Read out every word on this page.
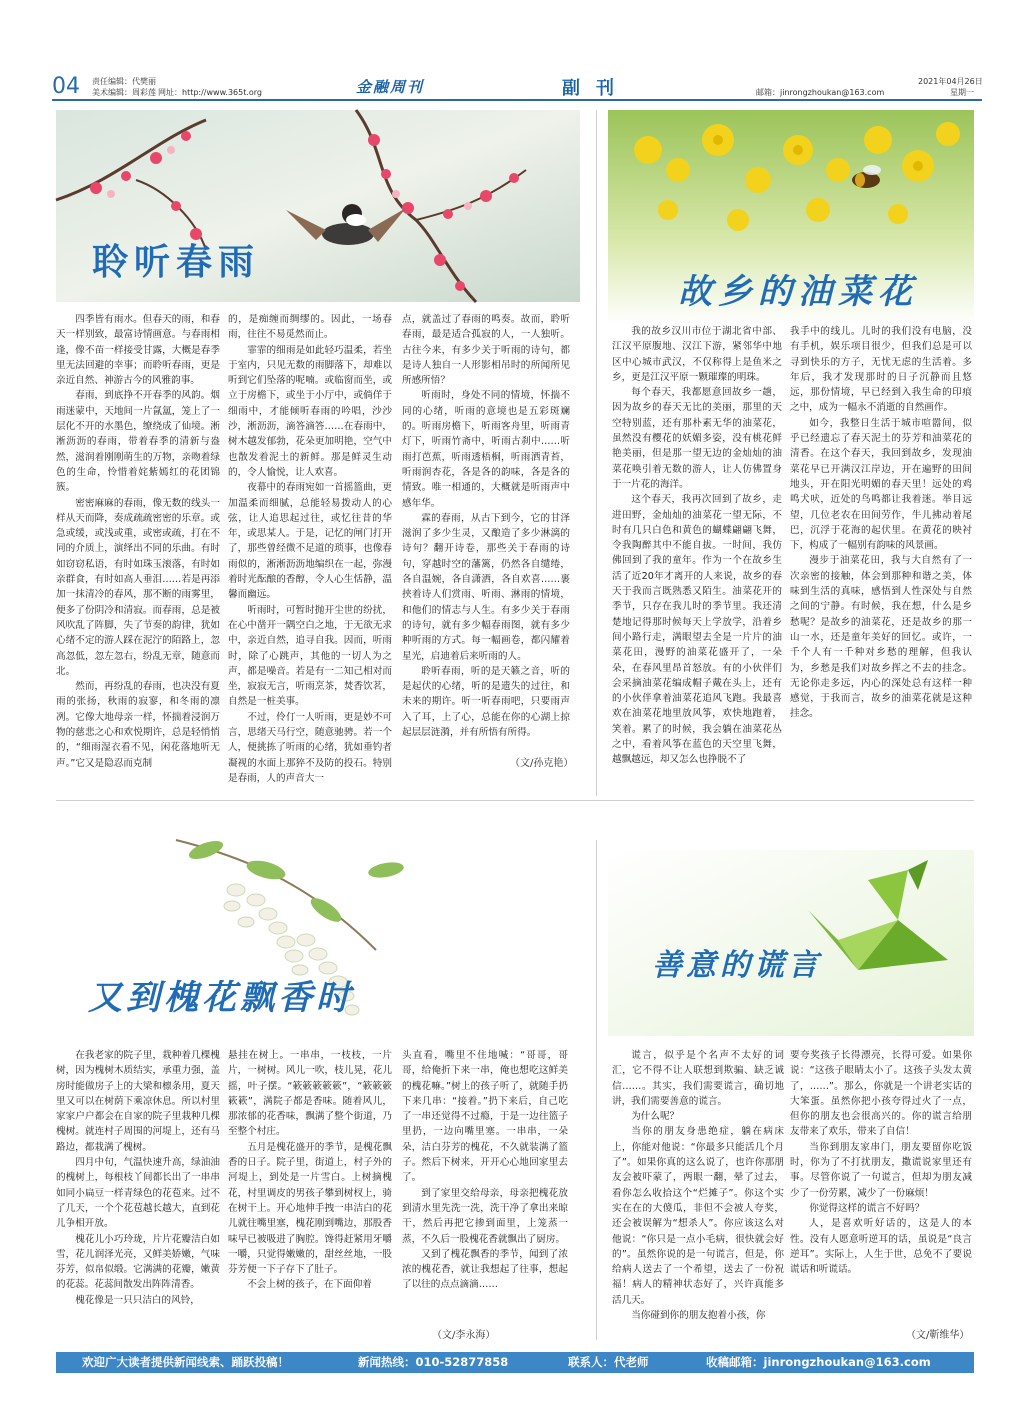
04 责任编辑：代樊丽
美术编辑：周彩莲 网址：http://www.365t.org	金融周刊	副刊	邮箱：jinrongzhoukan@163.com
2021年04月26日
星期一
聆听春雨

四季皆有雨水。但春天的雨，和春天一样别致，最富诗情画意。与春雨相逢，像不苗一样接受甘露，大概是春季里无法回避的幸事；而聆听春雨，更是亲近自然、神游古今的风雅韵事。

春雨，到底挣不开春季的风韵。烟雨迷蒙中，天地间一片氤氲，笼上了一层化不开的水墨色，缭绕成了仙境。淅淅沥沥的春雨，带着春季的清新与盎然，滋润着刚刚萌生的万物，亲吻着绿色的生命，怜惜着姹紫嫣红的花团锦簇。

密密麻麻的春雨，像无数的线头一样从天而降，奏成疏疏密密的乐章。或急或缓，或浅或重，或密或疏，打在不同的介质上，演绎出不同的乐曲。有时如窃窃私语，有时如珠玉滚落，有时如亲群食，有时如高人垂泪……若是再添加一抹清冷的春风，那不断的雨雾里，便多了份阴冷和清寂。而春雨，总是被风吹乱了阵脚，失了节奏的韵律，犹如心绪不定的游人踩在泥泞的陌路上，忽高忽低，忽左忽右，纷乱无章，随意而北。

然而，再纷乱的春雨，也决没有夏雨的张扬，秋雨的寂寥，和冬雨的凛冽。它像大地母亲一样，怀揣着浸润万物的慈悲之心和欢悦期许，总是轻悄悄的，“细雨湿衣看不见，闲花落地听无声。”它又是隐忍而克制

的，是痴缠而绸缪的。因此，一场春雨，往往不易觅然而止。

霏霏的细雨是如此轻巧温柔，若坐于室内，只见无数的雨脚落下，却难以听到它们坠落的呢喃。或临窗而坐，或立于房檐下，或坐于小厅中，或倘佯于细雨中，才能倾听春雨的吟唱，沙沙沙，淅沥沥，滴答滴答……在春雨中，树木越发郁勃，花朵更加明艳，空气中也散发着泥土的新鲜。那是鲜灵生动的，令人愉悦，让人欢喜。

夜幕中的春雨宛如一首摇篮曲，更加温柔而细腻，总能轻易拨动人的心弦，让人追思起过往，或忆往昔的华年，或思某人。于是，记忆的闸门打开了，那些曾经微不足道的琐事，也像春雨似的，淅淅沥沥地编织在一起，弥漫着时光酝酿的香醇，令人心生恬静，温馨而幽远。

听雨时，可暂时抛开尘世的纷扰，在心中凿开一隅空白之地，于无欲无求中，亲近自然，追寻自我。因而，听雨时，除了心跳声，其他的一切人为之声，都是噪音。若是有一二知己相对而坐，寂寂无言，听雨烹茶，焚香饮茗，自然是一桩美事。

不过，伶仃一人听雨，更是妙不可言，思绪天马行空，随意驰骋。若一个人，便挑拣了听雨的心绪，犹如垂钓者凝视的水面上那猝不及防的投石。特别是春雨，人的声音大一

点，就盖过了春雨的鸣奏。故而，聆听春雨，最是适合孤寂的人，一人独听。古往今来，有多少关于听雨的诗句，都是诗人独自一人形影相吊时的所闻所见所感所悟？

听雨时，身处不同的情境，怀揣不同的心绪，听雨的意境也是五彩斑斓的。听雨房檐下，听雨客舟里，听雨青灯下，听雨竹斋中，听雨古刹中……听雨打芭蕉，听雨透梧桐，听雨洒青苔，听雨润杏花，各是各的韵味，各是各的情致。唯一相通的，大概就是听雨声中感年华。

霖的春雨，从古下到今，它的甘泽滋润了多少生灵，又酿造了多少淋漓的诗句？翻开诗卷，那些关于春雨的诗句，穿越时空的藩篱，仍然各自缱绻，各自温婉，各自潇洒，各自欢喜……裹挟着诗人们赏雨、听雨、淋雨的情境，和他们的情志与人生。有多少关于春雨的诗句，就有多少幅春雨图，就有多少种听雨的方式。每一幅画卷，都闪耀着星光，启迪着后来听雨的人。

聆听春雨，听的是天籁之音，听的是起伏的心绪，听的是遗失的过往，和未来的期许。听一听春雨吧，只要雨声入了耳，上了心，总能在你的心湖上掠起层层涟漪，并有所悟有所得。

（文/孙克艳）
故乡的油菜花

我的故乡汉川市位于湖北省中部、江汉平原腹地、汉江下游，紧邻华中地区中心城市武汉，不仅称得上是鱼米之乡，更是江汉平原一颗璀璨的明珠。

每个春天，我都愿意回故乡一趟，因为故乡的春天无比的美丽，那里的天空特别蓝，还有那朴素无华的油菜花，虽然没有樱花的妖媚多姿，没有桃花鲜艳美丽，但是那一望无边的金灿灿的油菜花唤引着无数的游人，让人仿佛置身于一片花的海洋。

这个春天，我再次回到了故乡，走进田野，金灿灿的油菜花一望无际，不时有几只白色和黄色的蝴蝶翩翩飞舞，令我陶醉其中不能自拔。一时间，我仿佛回到了我的童年。作为一个在故乡生活了近20年才离开的人来说，故乡的春天于我而言既熟悉又陌生。油菜花开的季节，只存在我儿时的季节里。我还清楚地记得那时候每天上学放学，沿着乡间小路行走，满眼望去全是一片片的油菜花田，漫野的油菜花盛开了，一朵朵，在春风里昂首怒放。有的小伙伴们会采摘油菜花编成帽子戴在头上，还有的小伙伴拿着油菜花追风飞跑。我最喜欢在油菜花地里放风筝，欢快地跑着，笑着。累了的时候，我会躺在油菜花丛之中，看着风筝在蓝色的天空里飞舞，越飘越远，却又怎么也挣脱不了

我手中的线儿。儿时的我们没有电脑，没有手机，娱乐项目很少，但我们总是可以寻到快乐的方子，无忧无虑的生活着。多年后，我才发现那时的日子沉静而且悠远，那份情境，早已经到入我生命的印痕之中，成为一幅永不消逝的自然画作。

如今，我整日生活于城市喧嚣间，似乎已经遗忘了春天泥土的芬芳和油菜花的清香。在这个春天，我回到故乡，发现油菜花早已开满汉江岸边，开在遍野的田间地头，开在阳光明媚的春天里！远处的鸡鸣犬吠，近处的鸟鸣都让我着迷。举目远望，几位老农在田间劳作，牛儿拂动着尾巴，沉浮于花海的起伏里。在黄花的映衬下，构成了一幅别有韵味的风景画。

漫步于油菜花田，我与大自然有了一次亲密的接触，体会到那种和谐之美，体味到生活的真味，感悟到人性深处与自然之间的宁静。有时候，我在想，什么是乡愁呢？是故乡的油菜花，还是故乡的那一山一水，还是童年美好的回忆。或许，一千个人有一千种对乡愁的理解，但我认为，乡愁是我们对故乡挥之不去的挂念。无论你走多远，内心的深处总有这样一种感觉，于我而言，故乡的油菜花就是这种挂念。

又到槐花飘香时

在我老家的院子里，栽种着几棵槐树，因为槐树木质结实，承重力强，盖房时能做房子上的大梁和檩条用，夏天里又可以在树荫下乘凉休息。所以村里家家户户都会在自家的院子里栽种几棵槐树。就连村子周围的河堤上，还有马路边，都栽满了槐树。

四月中旬，气温快速升高，绿油油的槐树上，每根枝丫间都长出了一串串如同小扁豆一样青绿色的花苞来。过不了几天，一个个花苞越长越大，直到花儿争相开放。

槐花儿小巧玲珑，片片花瓣洁白如雪，花儿润泽光亮，又鲜美娇嫩，气味芬芳，似帛似缎。它满满的花瓣，嫩黄的花蕊。花蕊间散发出阵阵清香。

槐花像是一只只洁白的风铃，

悬挂在树上。一串串，一枝枝，一片片，一树树。风儿一吹，枝儿晃，花儿摇，叶子摆。“簌簌簌簌簌”，“簌簌簌簌簌”，满院子都是香味。随着风儿，那浓郁的花香味，飘满了整个街道，乃至整个村庄。

五月是槐花盛开的季节，是槐花飘香的日子。院子里，街道上，村子外的河堤上，到处是一片雪白。上树摘槐花，村里调皮的男孩子攀到树杈上，骑在树干上。开心地伸手拽一串洁白的花儿就往嘴里塞，槐花刚到嘴边，那股香味早已被吸进了胸腔。馋得赶紧用牙嚼一嚼，只觉得嫩嫩的，甜丝丝地，一股芬芳便一下子存下了肚子。

不会上树的孩子，在下面仰着

头直看，嘴里不住地喊：“哥哥，哥哥，给俺折下来一串，俺也想吃这鲜美的槐花嘛。”树上的孩子听了，就随手扔下来几串：“接着。”扔下来后，自己吃了一串还觉得不过瘾，于是一边往篮子里扔，一边向嘴里塞。一串串，一朵朵，洁白芬芳的槐花，不久就装满了篮子。然后下树来，开开心心地回家里去了。

到了家里交给母亲，母亲把槐花放到清水里先洗一洗，洗干净了拿出来晾干，然后再把它掺到面里，上笼蒸一蒸，不久后一股槐花香就飘出了厨房。

又到了槐花飘香的季节，闻到了浓浓的槐花香，就让我想起了往事，想起了以往的点点滴滴……

（文/李永海）
善意的谎言

谎言，似乎是个名声不太好的词汇，它不得不让人联想到欺骗、缺乏诚信……。其实，我们需要谎言，确切地讲，我们需要善意的谎言。

为什么呢？

当你的朋友身患绝症，躺在病床上，你能对他说：“你最多只能活几个月了”。如果你真的这么说了，也许你那朋友会被吓蒙了，两眼一翻，晕了过去，看你怎么收拾这个“烂摊子”。你这个实实在在的大傻瓜，非但不会被人夸奖，还会被误解为“想杀人”。你应该这么对他说：“你只是一点小毛病，很快就会好的”。虽然你说的是一句谎言，但是，你给病人送去了一个希望，送去了一份祝福！病人的精神状态好了，兴许真能多活几天。

当你碰到你的朋友抱着小孩，你

要夸奖孩子长得漂亮，长得可爱。如果你说：“这孩子眼睛太小了。这孩子头发太黄了，……”。那么，你就是一个讲老实话的大笨蛋。虽然你把小孩夸得过火了一点，但你的朋友也会很高兴的。你的谎言给朋友带来了欢乐，带来了自信！

当你到朋友家串门，朋友要留你吃饭时，你为了不打扰朋友，撒谎说家里还有事。尽管你说了一句谎言，但却为朋友减少了一份劳累，减少了一份麻烦！

你觉得这样的谎言不好吗？

人，是喜欢听好话的，这是人的本性。没有人愿意听逆耳的话，虽说是“良言逆耳”。实际上，人生于世，总免不了要说谎话和听谎话。

（文/靳维华）
欢迎广大读者提供新闻线索、踊跃投稿！	新闻热线：010-52877858	联系人：代老师	收稿邮箱：jinrongzhoukan@163.com
